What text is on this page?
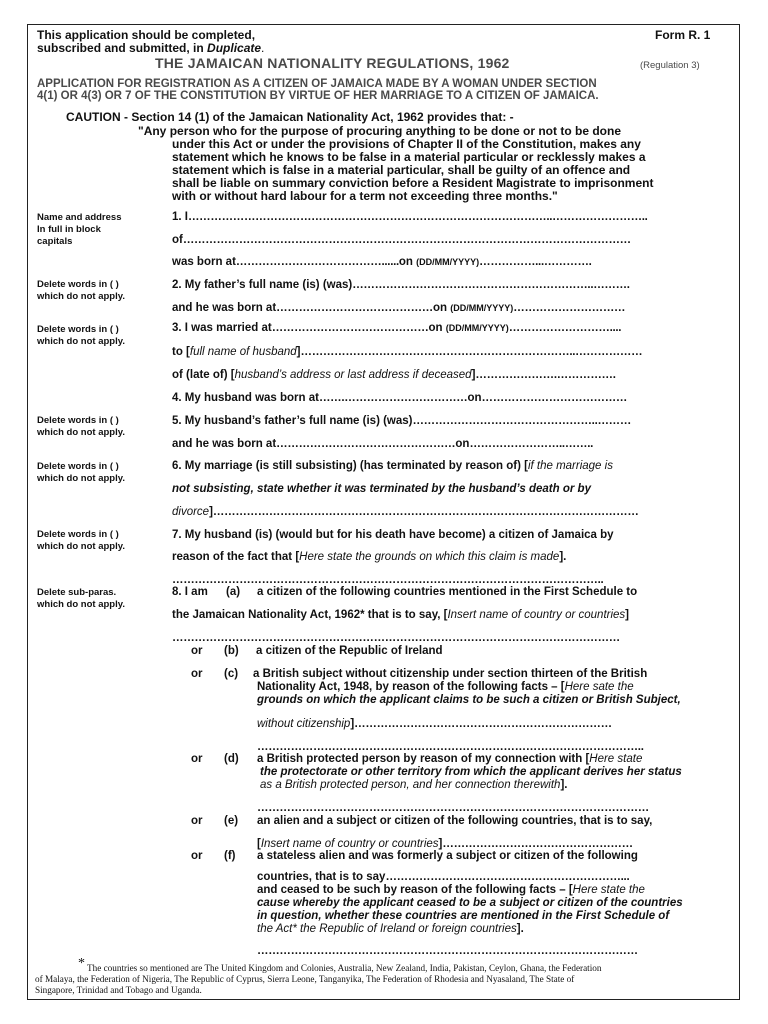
This application should be completed,
subscribed and submitted, in Duplicate.
Form R. 1
THE JAMAICAN NATIONALITY REGULATIONS, 1962	(Regulation 3)
APPLICATION FOR REGISTRATION AS A CITIZEN OF JAMAICA MADE BY A WOMAN UNDER SECTION
4(1) OR 4(3) OR 7 OF THE CONSTITUTION BY VIRTUE OF HER MARRIAGE TO A CITIZEN OF JAMAICA.
CAUTION - Section 14 (1) of the Jamaican Nationality Act, 1962 provides that: -
"Any person who for the purpose of procuring anything to be done or not to be done
under this Act or under the provisions of Chapter II of the Constitution, makes any
statement which he knows to be false in a material particular or recklessly makes a
statement which is false in a material particular, shall be guilty of an offence and
shall be liable on summary conviction before a Resident Magistrate to imprisonment
with or without hard labour for a term not exceeding three months."
Name and address
In full in block
capitals
Delete words in ( )
which do not apply.
Delete words in ( )
which do not apply.
Delete words in ( )
which do not apply.
Delete words in ( )
which do not apply.
Delete words in ( )
which do not apply.
Delete sub-paras.
which do not apply.
1. I……………………………………………………………………………………..……………………..
of…………………………………………………………………………………………………………
was born at…………………………………......on (DD/MM/YYYY)……………...………….
2. My father’s full name (is) (was)………………………………………………………..……….
and he was born at……………………………………on (DD/MM/YYYY)…………………………
3. I was married at……………………………………on (DD/MM/YYYY)………………………....
to [full name of husband]………………………………………………………………..………………
of (late of) [husband’s address or last address if deceased]………………….…………….
4. My husband was born at…….……………………………on…………………………………
5. My husband’s father’s full name (is) (was)…………………………………………..………
and he was born at…………………………………………on……………………..……..
6. My marriage (is still subsisting) (has terminated by reason of) [if the marriage is
not subsisting, state whether it was terminated by the husband’s death or by
divorce]……………………………………………………………………………………………………
7. My husband (is) (would but for his death have become) a citizen of Jamaica by
reason of the fact that [Here state the grounds on which this claim is made].
……………………………………………………………………………………………………..
8. I am (a) a citizen of the following countries mentioned in the First Schedule to
the Jamaican Nationality Act, 1962* that is to say, [Insert name of country or countries]
…………………………………………………………………………………………………………
or (b) a citizen of the Republic of Ireland
or (c) a British subject without citizenship under section thirteen of the British
Nationality Act, 1948, by reason of the following facts – [Here sate the
grounds on which the applicant claims to be such a citizen or British Subject,
without citizenship]……………………………………………………………
…………………………………………………………………………………………..
or (d) a British protected person by reason of my connection with [Here state
the protectorate or other territory from which the applicant derives her status
as a British protected person, and her connection therewith].
……………………………………………………………………………………………
or (e) an alien and a subject or citizen of the following countries, that is to say,
[Insert name of country or countries]……………………………………………
or (f) a stateless alien and was formerly a subject or citizen of the following
countries, that is to say………………………………………………………...
and ceased to be such by reason of the following facts – [Here state the
cause whereby the applicant ceased to be a subject or citizen of the countries
in question, whether these countries are mentioned in the First Schedule of
the Act* the Republic of Ireland or foreign countries].
…………………………………………………………………………………………
* The countries so mentioned are The United Kingdom and Colonies, Australia, New Zealand, India, Pakistan, Ceylon, Ghana, the Federation
of Malaya, the Federation of Nigeria, The Republic of Cyprus, Sierra Leone, Tanganyika, The Federation of Rhodesia and Nyasaland, The State of
Singapore, Trinidad and Tobago and Uganda.
